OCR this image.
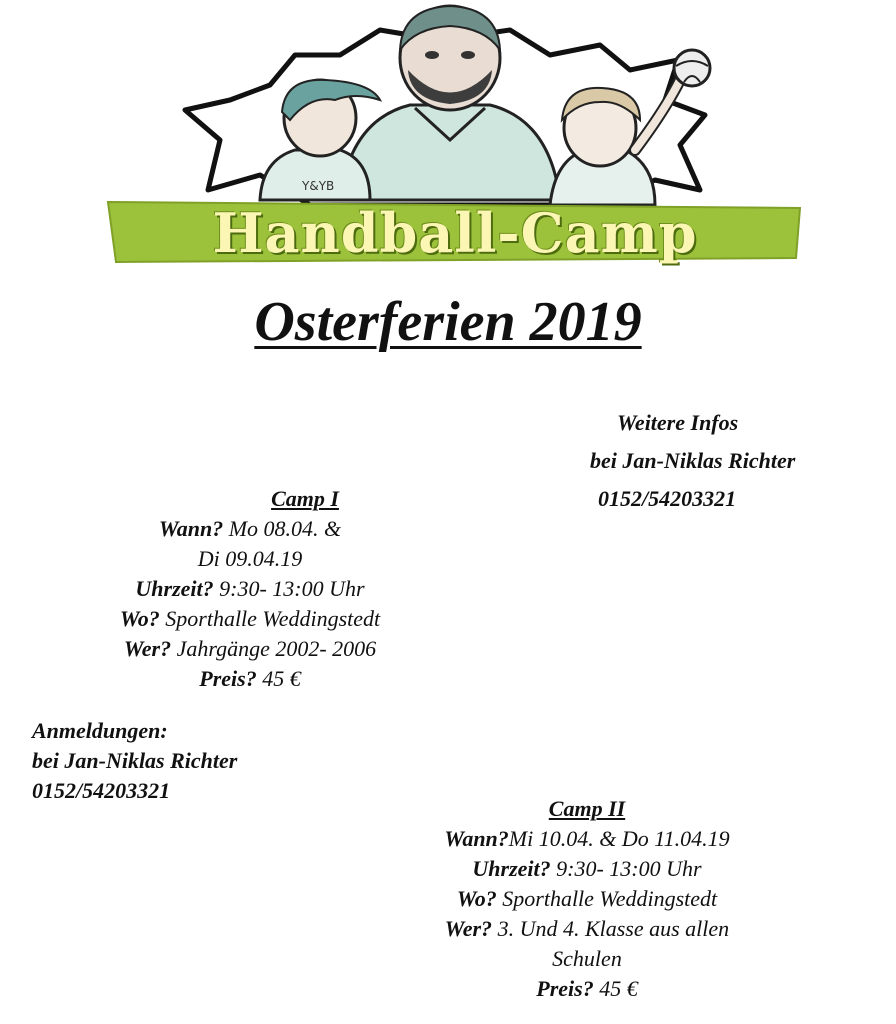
Y&YB
Handball-Camp
Osterferien 2019
Weitere Infos
bei Jan-Niklas Richter
0152/54203321
Camp I
Wann? Mo 08.04. &
Di 09.04.19
Uhrzeit? 9:30- 13:00 Uhr
Wo? Sporthalle Weddingstedt
Wer? Jahrgänge 2002- 2006
Preis? 45 €
Anmeldungen:
bei Jan-Niklas Richter
0152/54203321
Camp II
Wann?Mi 10.04. & Do 11.04.19
Uhrzeit? 9:30- 13:00 Uhr
Wo? Sporthalle Weddingstedt
Wer? 3. Und 4. Klasse aus allen
Schulen
Preis? 45 €
